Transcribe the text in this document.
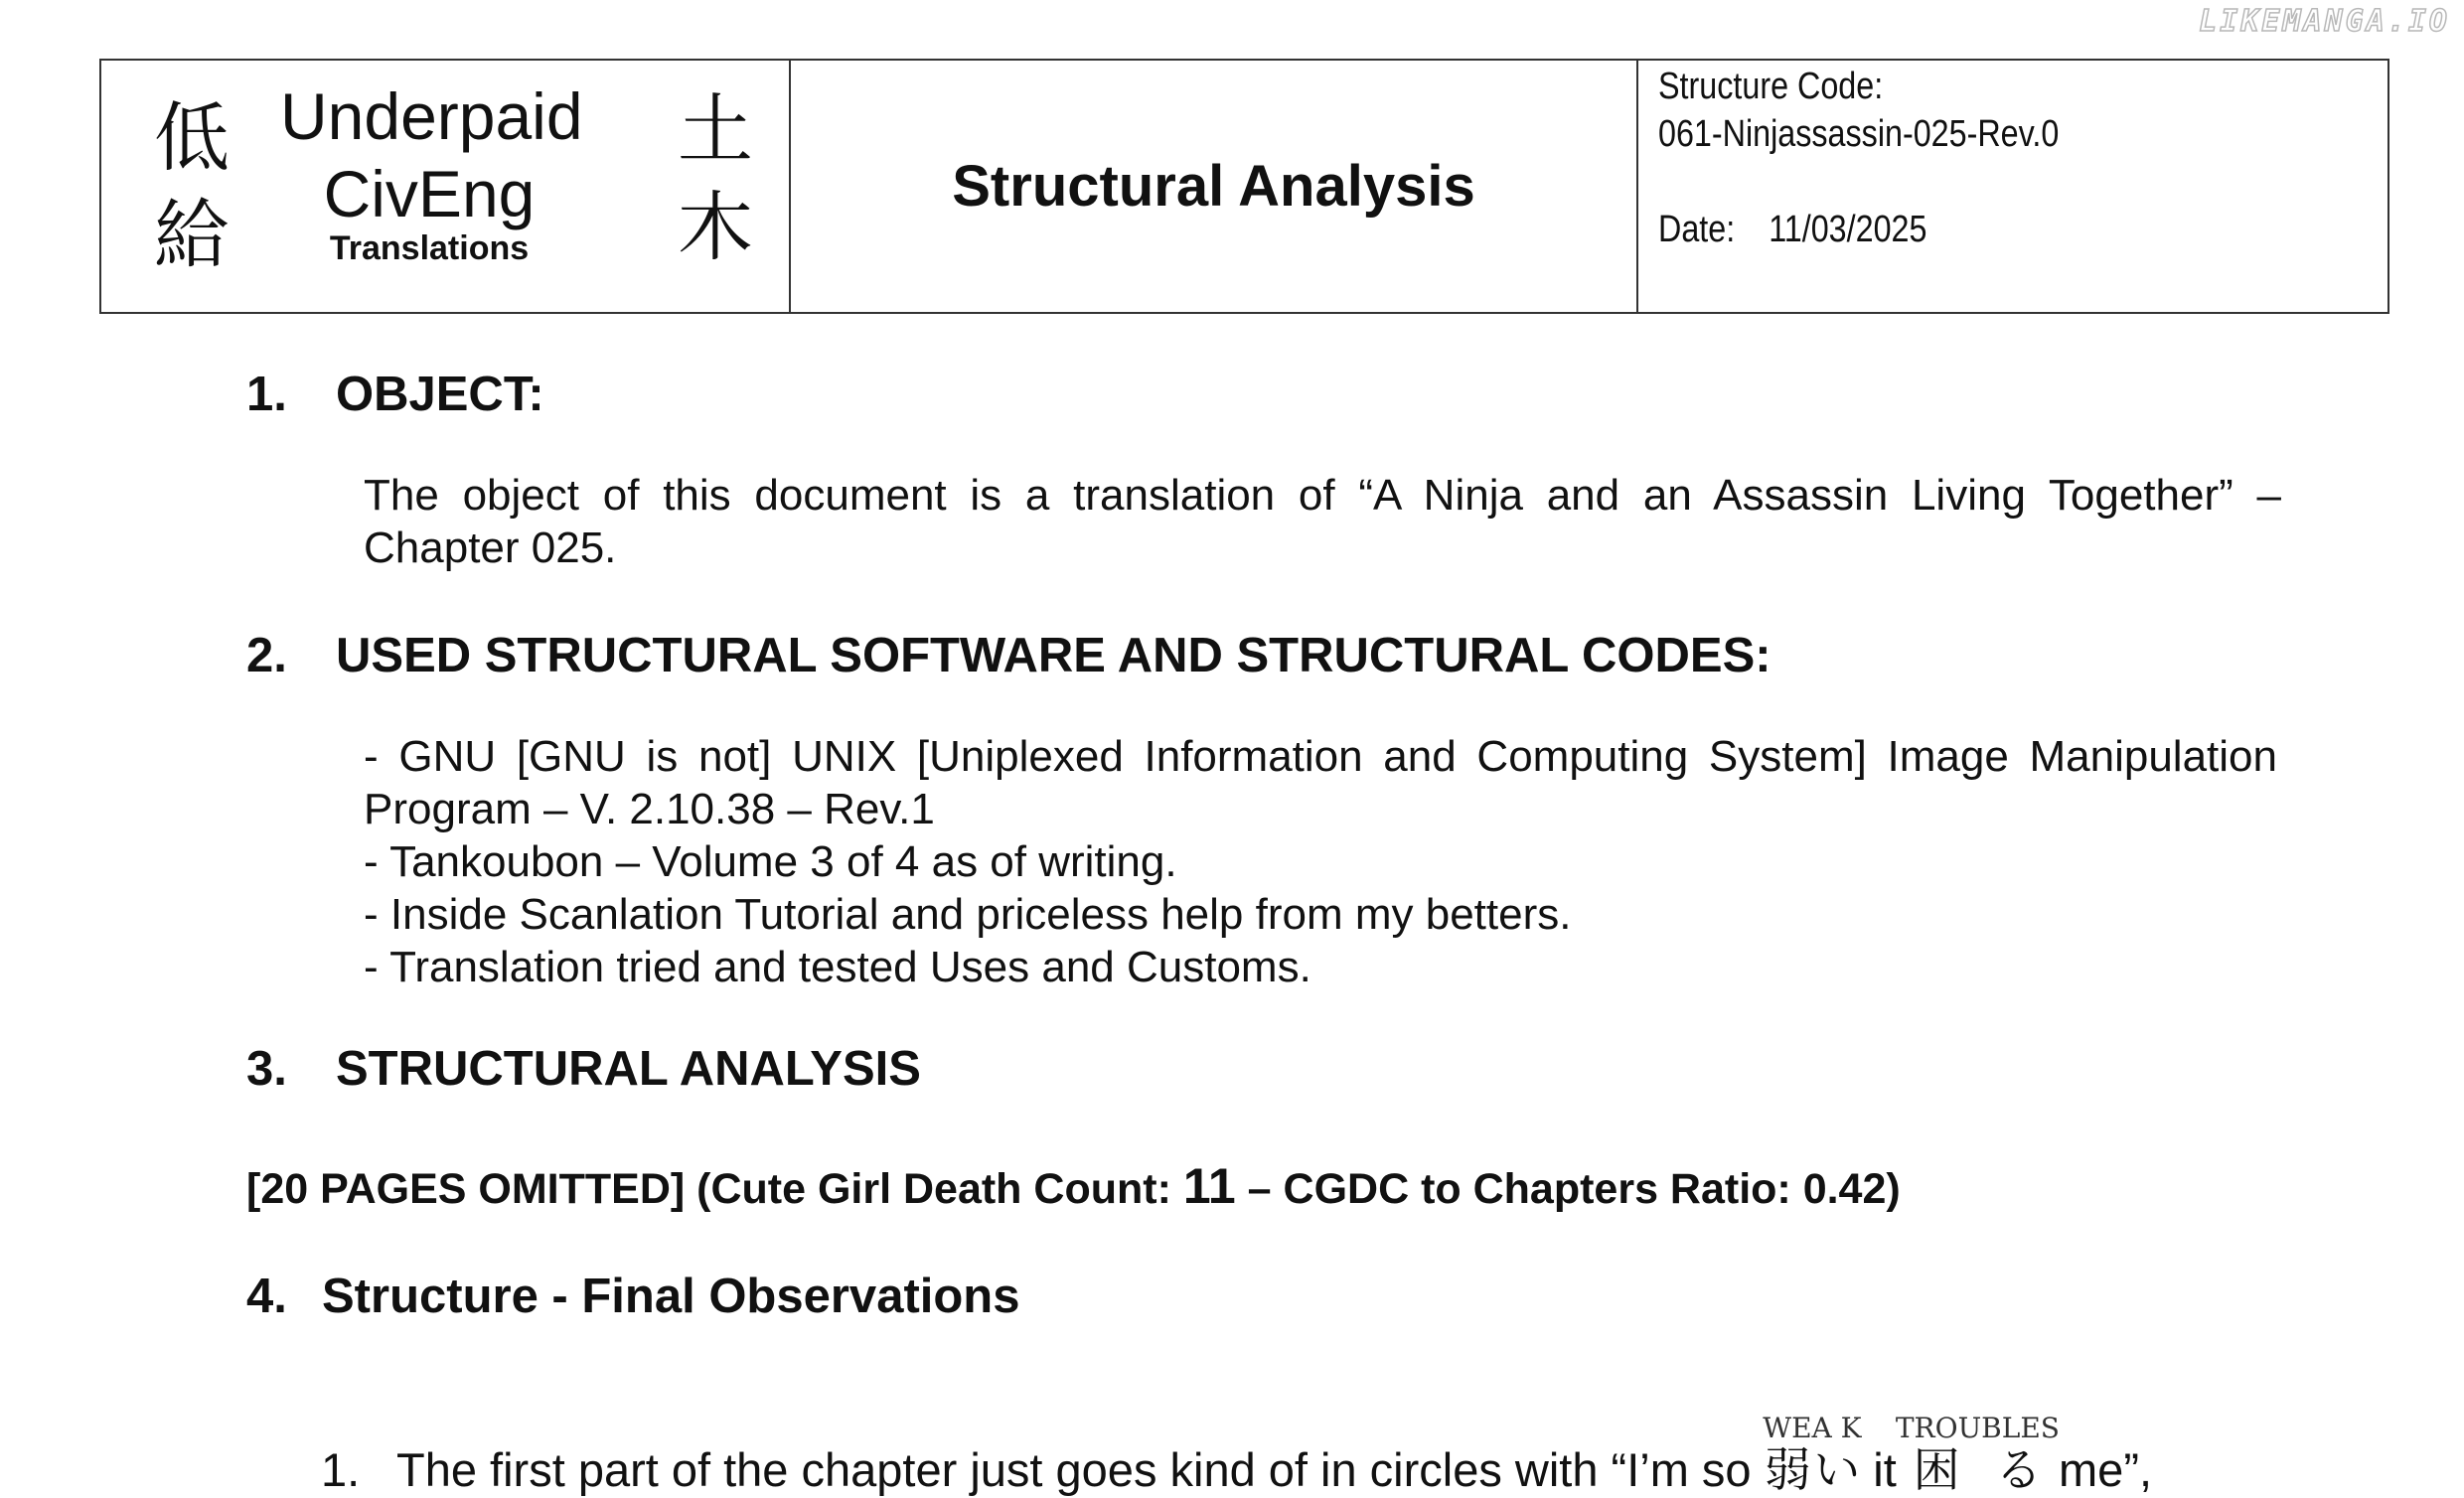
LIKEMANGA.IO
低
給
土
木
Underpaid
CivEng
Translations
Structural Analysis
Structure Code:
061-Ninjassassin-025-Rev.0
Date: 11/03/2025
1. OBJECT:
The object of this document is a translation of “A Ninja and an Assassin Living Together” –
Chapter 025.
2. USED STRUCTURAL SOFTWARE AND STRUCTURAL CODES:
- GNU [GNU is not] UNIX [Uniplexed Information and Computing System] Image Manipulation
Program – V. 2.10.38 – Rev.1
- Tankoubon – Volume 3 of 4 as of writing.
- Inside Scanlation Tutorial and priceless help from my betters.
- Translation tried and tested Uses and Customs.
3. STRUCTURAL ANALYSIS
[20 PAGES OMITTED] (Cute Girl Death Count: 11 – CGDC to Chapters Ratio: 0.42)
4. Structure - Final Observations
1. The first part of the chapter just goes kind of in circles with “I’m so 弱いWEA K it 困るTROUBLES me”,
